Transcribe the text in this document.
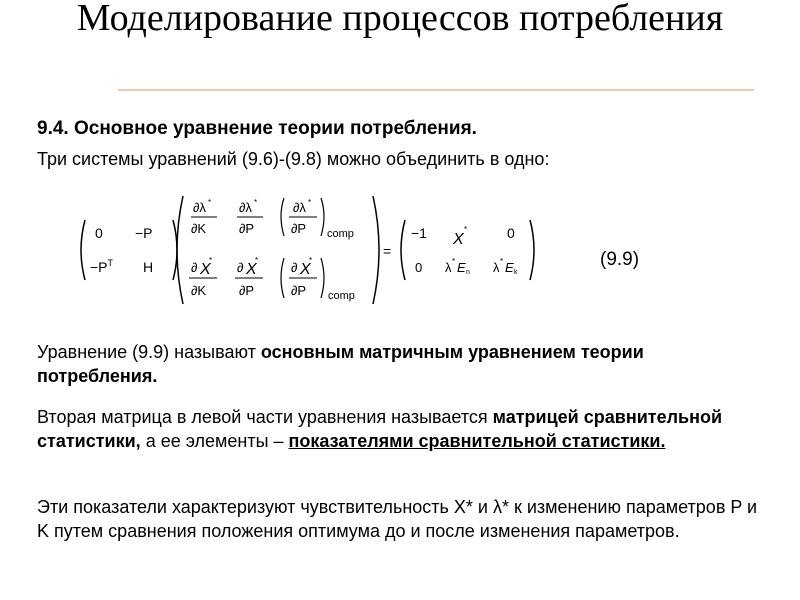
Моделирование процессов потребления
9.4. Основное уравнение теории потребления.
Три системы уравнений (9.6)-(9.8) можно объединить в одно:
0 −P
$-P^T$ H
∂λ *
∂K
∂λ *
∂P
∂λ *
∂P comp
∂ X
*
∂K
∂ X
*
∂P
∂ X
*
∂P comp
=
−1 X
*	0
0 λ * E n λ * E k
(9.9)
Уравнение (9.9) называют основным матричным уравнением теории потребления.
Вторая матрица в левой части уравнения называется матрицей сравнительной статистики, а ее элементы – показателями сравнительной статистики.
Эти показатели характеризуют чувствительность X* и λ* к изменению параметров P и K путем сравнения положения оптимума до и после изменения параметров.
